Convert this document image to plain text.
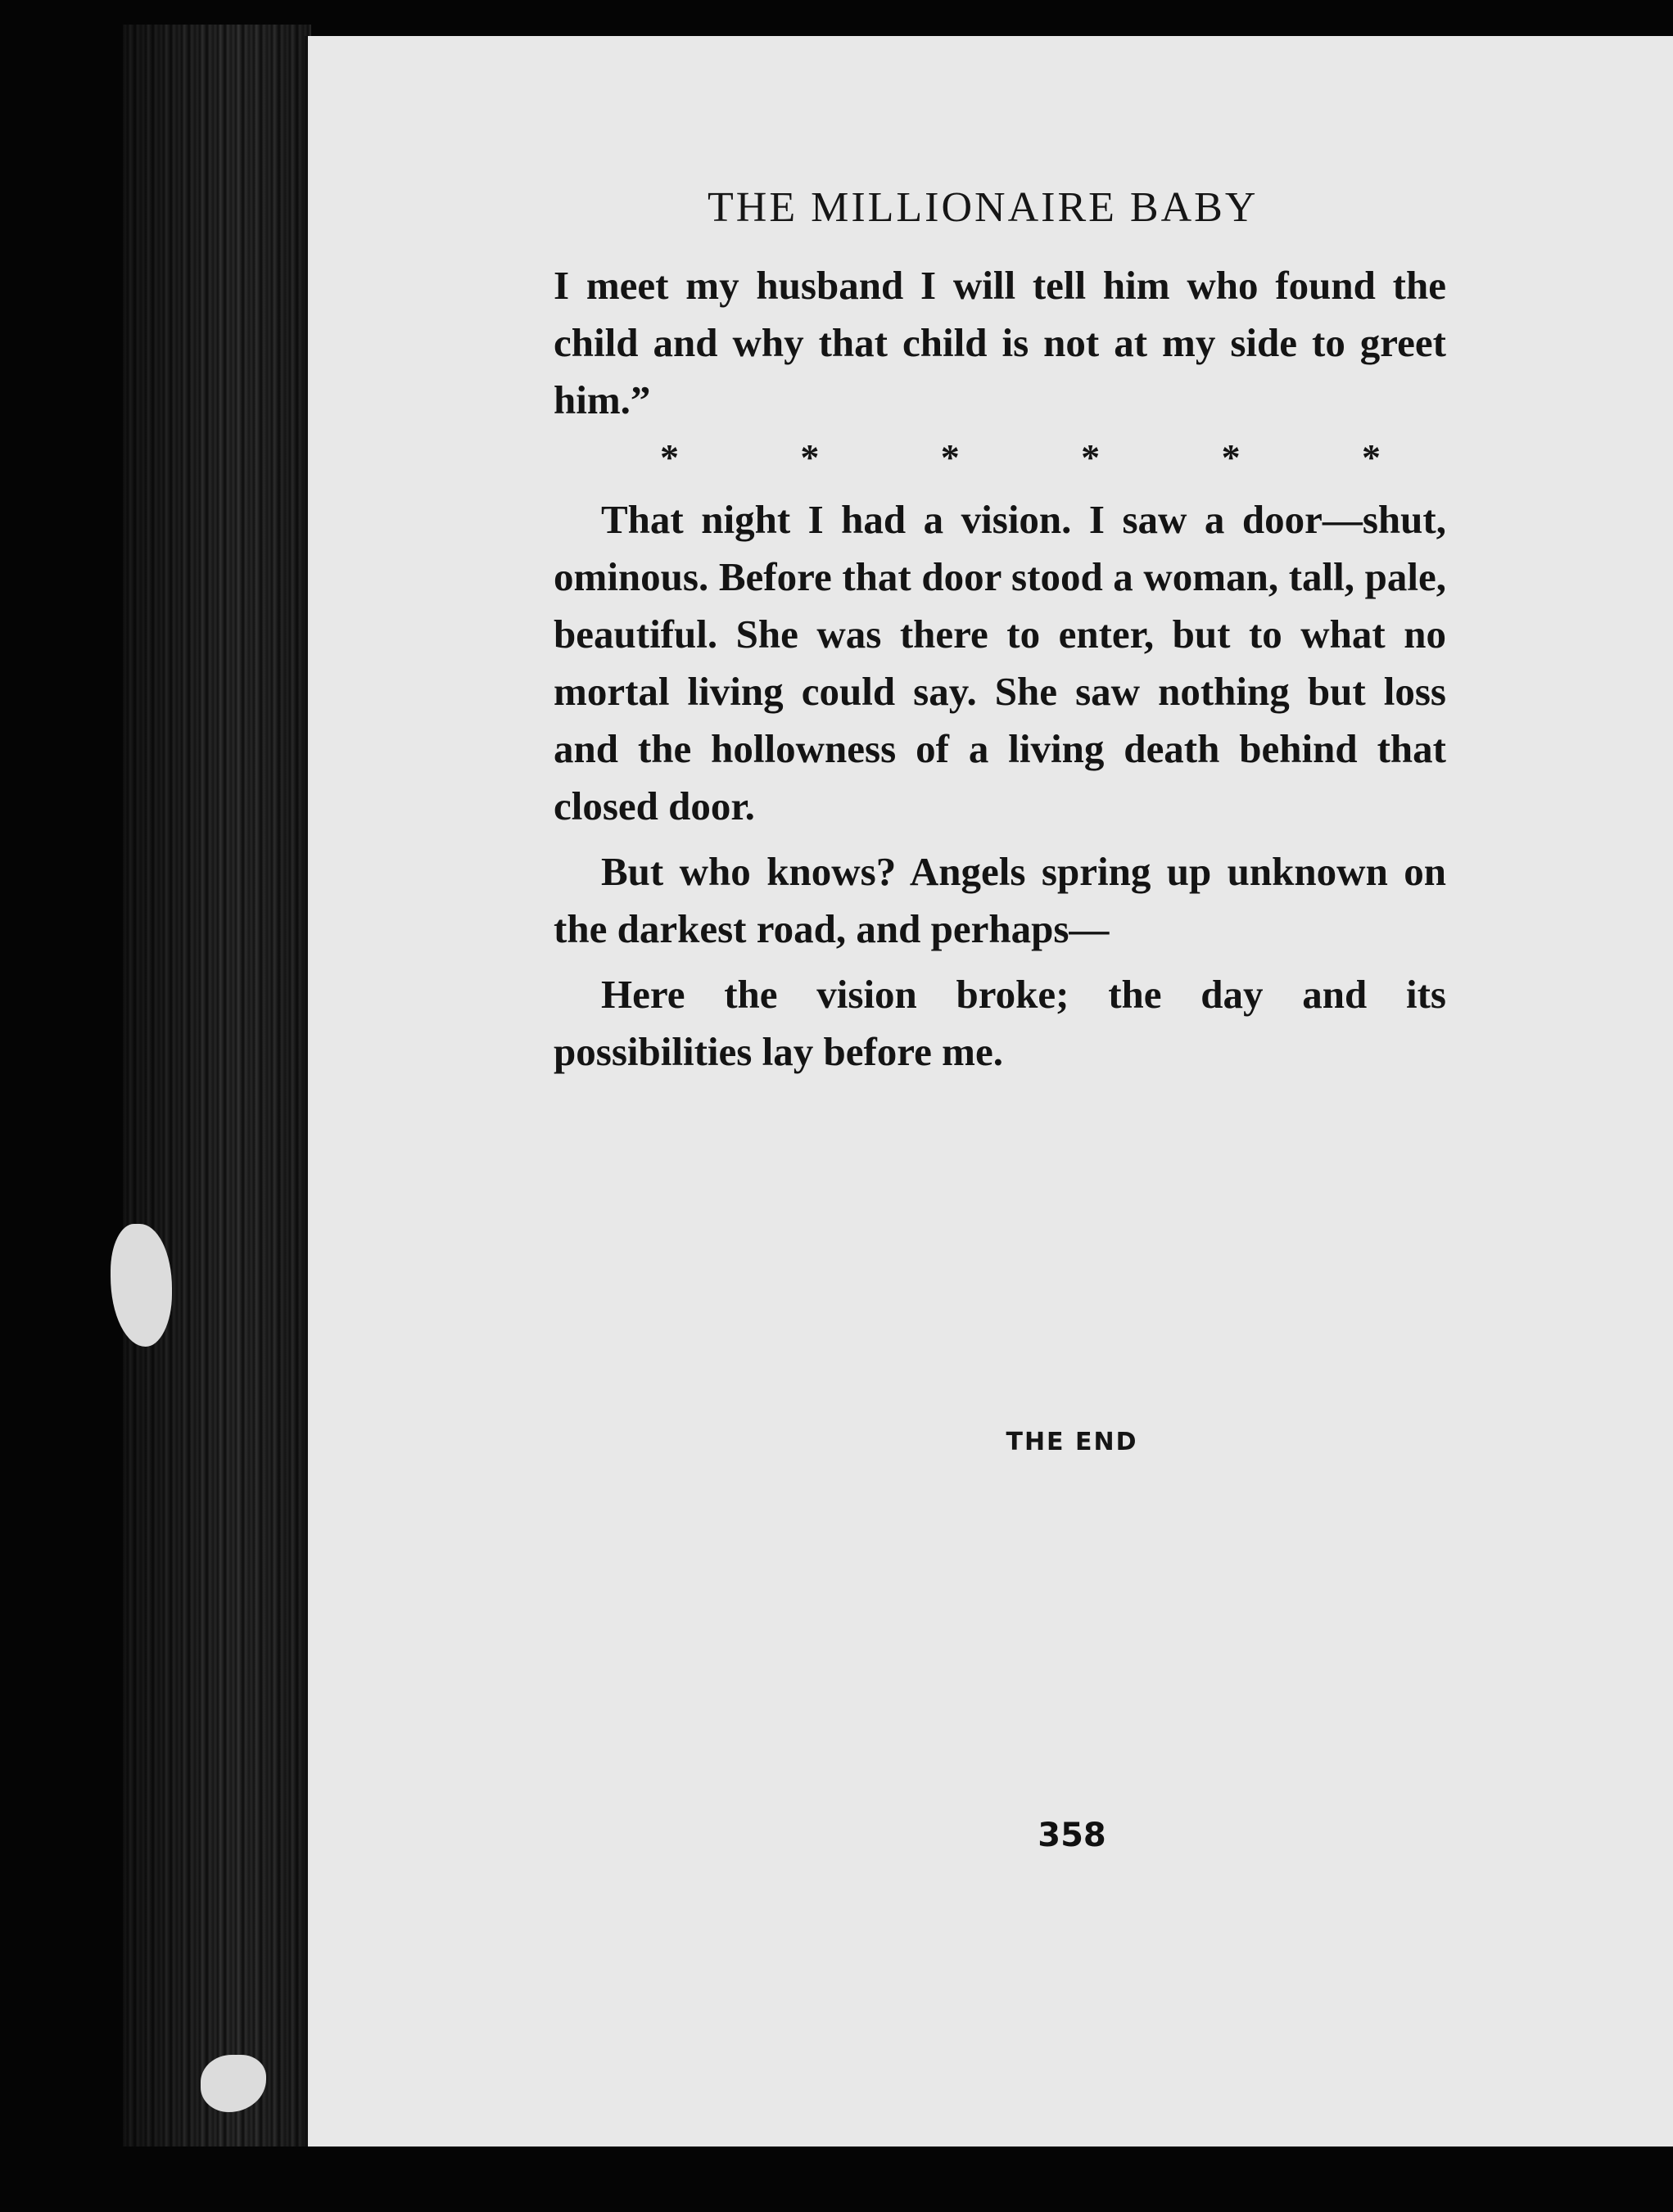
THE MILLIONAIRE BABY

I meet my husband I will tell him who found the child and why that child is not at my side to greet him.”

*	*	*	*	*	*

That night I had a vision. I saw a door—shut, ominous. Before that door stood a woman, tall, pale, beautiful. She was there to enter, but to what no mortal living could say. She saw nothing but loss and the hollowness of a living death behind that closed door.

But who knows? Angels spring up unknown on the darkest road, and perhaps—

Here the vision broke; the day and its possibilities lay before me.

THE END
358
